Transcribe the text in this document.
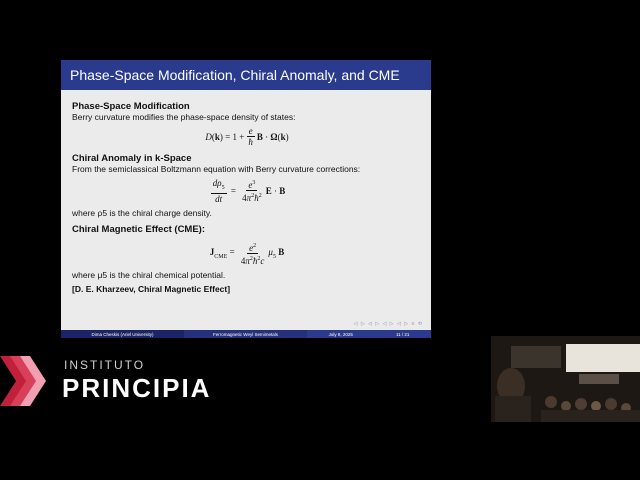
Phase-Space Modification, Chiral Anomaly, and CME

Phase-Space Modification

Berry curvature modifies the phase-space density of states:

$D(k) = 1 + \frac{e}{ħ}$ B · Ω(k)

Chiral Anomaly in k-Space

From the semiclassical Boltzmann equation with Berry curvature corrections:

$\frac{d\rho_5}{dt} = \frac{e^3}{4\pi^2ħ^2}$ E · B

where ρ5 is the chiral charge density.

Chiral Magnetic Effect (CME):

$J_{CME} = \frac{e^2}{4\pi^2ħ^2c} \mu_5$ B

where μ5 is the chiral chemical potential.

[D. E. Kharzeev, Chiral Magnetic Effect]

◁ ▷ ◁ ▷ ◁ ▷ ◁ ▷ ≡ ⟲
Dima Cheskis (Ariel University)	Ferromagnetic Weyl Semimetals	July 8, 2025	11 / 21
INSTITUTO
PRINCIPIA
